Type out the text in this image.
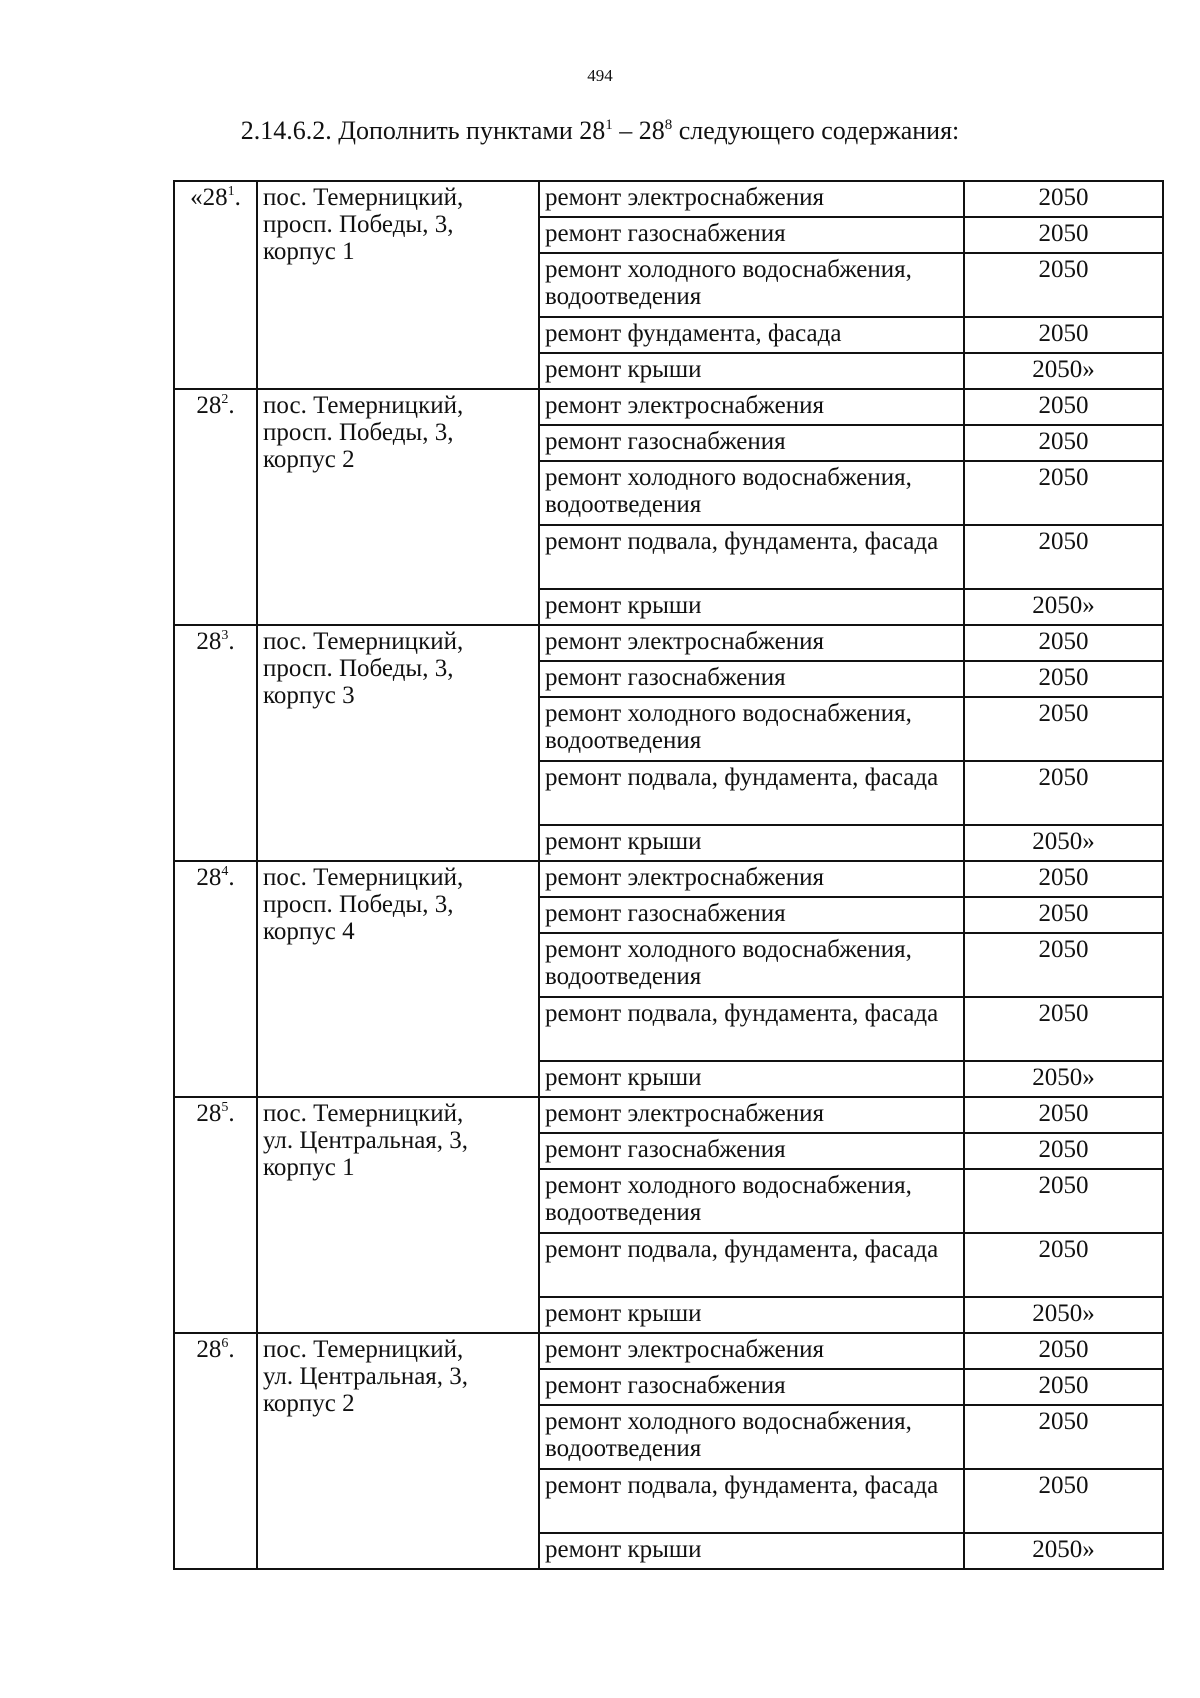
494
2.14.6.2. Дополнить пунктами $28^1 - 28^8$ следующего содержания:
«$28^1$.	пос. Темерницкий,
просп. Победы, 3,
корпус 1	ремонт электроснабжения	2050
		ремонт газоснабжения	2050
		ремонт холодного водоснабжения, водоотведения	2050
		ремонт фундамента, фасада	2050
		ремонт крыши	2050»
$28^2$.	пос. Темерницкий,
просп. Победы, 3,
корпус 2	ремонт электроснабжения	2050
		ремонт газоснабжения	2050
		ремонт холодного водоснабжения, водоотведения	2050
		ремонт подвала, фундамента, фасада	2050
		ремонт крыши	2050»
$28^3$.	пос. Темерницкий,
просп. Победы, 3,
корпус 3	ремонт электроснабжения	2050
		ремонт газоснабжения	2050
		ремонт холодного водоснабжения, водоотведения	2050
		ремонт подвала, фундамента, фасада	2050
		ремонт крыши	2050»
$28^4$.	пос. Темерницкий,
просп. Победы, 3,
корпус 4	ремонт электроснабжения	2050
		ремонт газоснабжения	2050
		ремонт холодного водоснабжения, водоотведения	2050
		ремонт подвала, фундамента, фасада	2050
		ремонт крыши	2050»
$28^5$.	пос. Темерницкий,
ул. Центральная, 3,
корпус 1	ремонт электроснабжения	2050
		ремонт газоснабжения	2050
		ремонт холодного водоснабжения, водоотведения	2050
		ремонт подвала, фундамента, фасада	2050
		ремонт крыши	2050»
$28^6$.	пос. Темерницкий,
ул. Центральная, 3,
корпус 2	ремонт электроснабжения	2050
		ремонт газоснабжения	2050
		ремонт холодного водоснабжения, водоотведения	2050
		ремонт подвала, фундамента, фасада	2050
		ремонт крыши	2050»
